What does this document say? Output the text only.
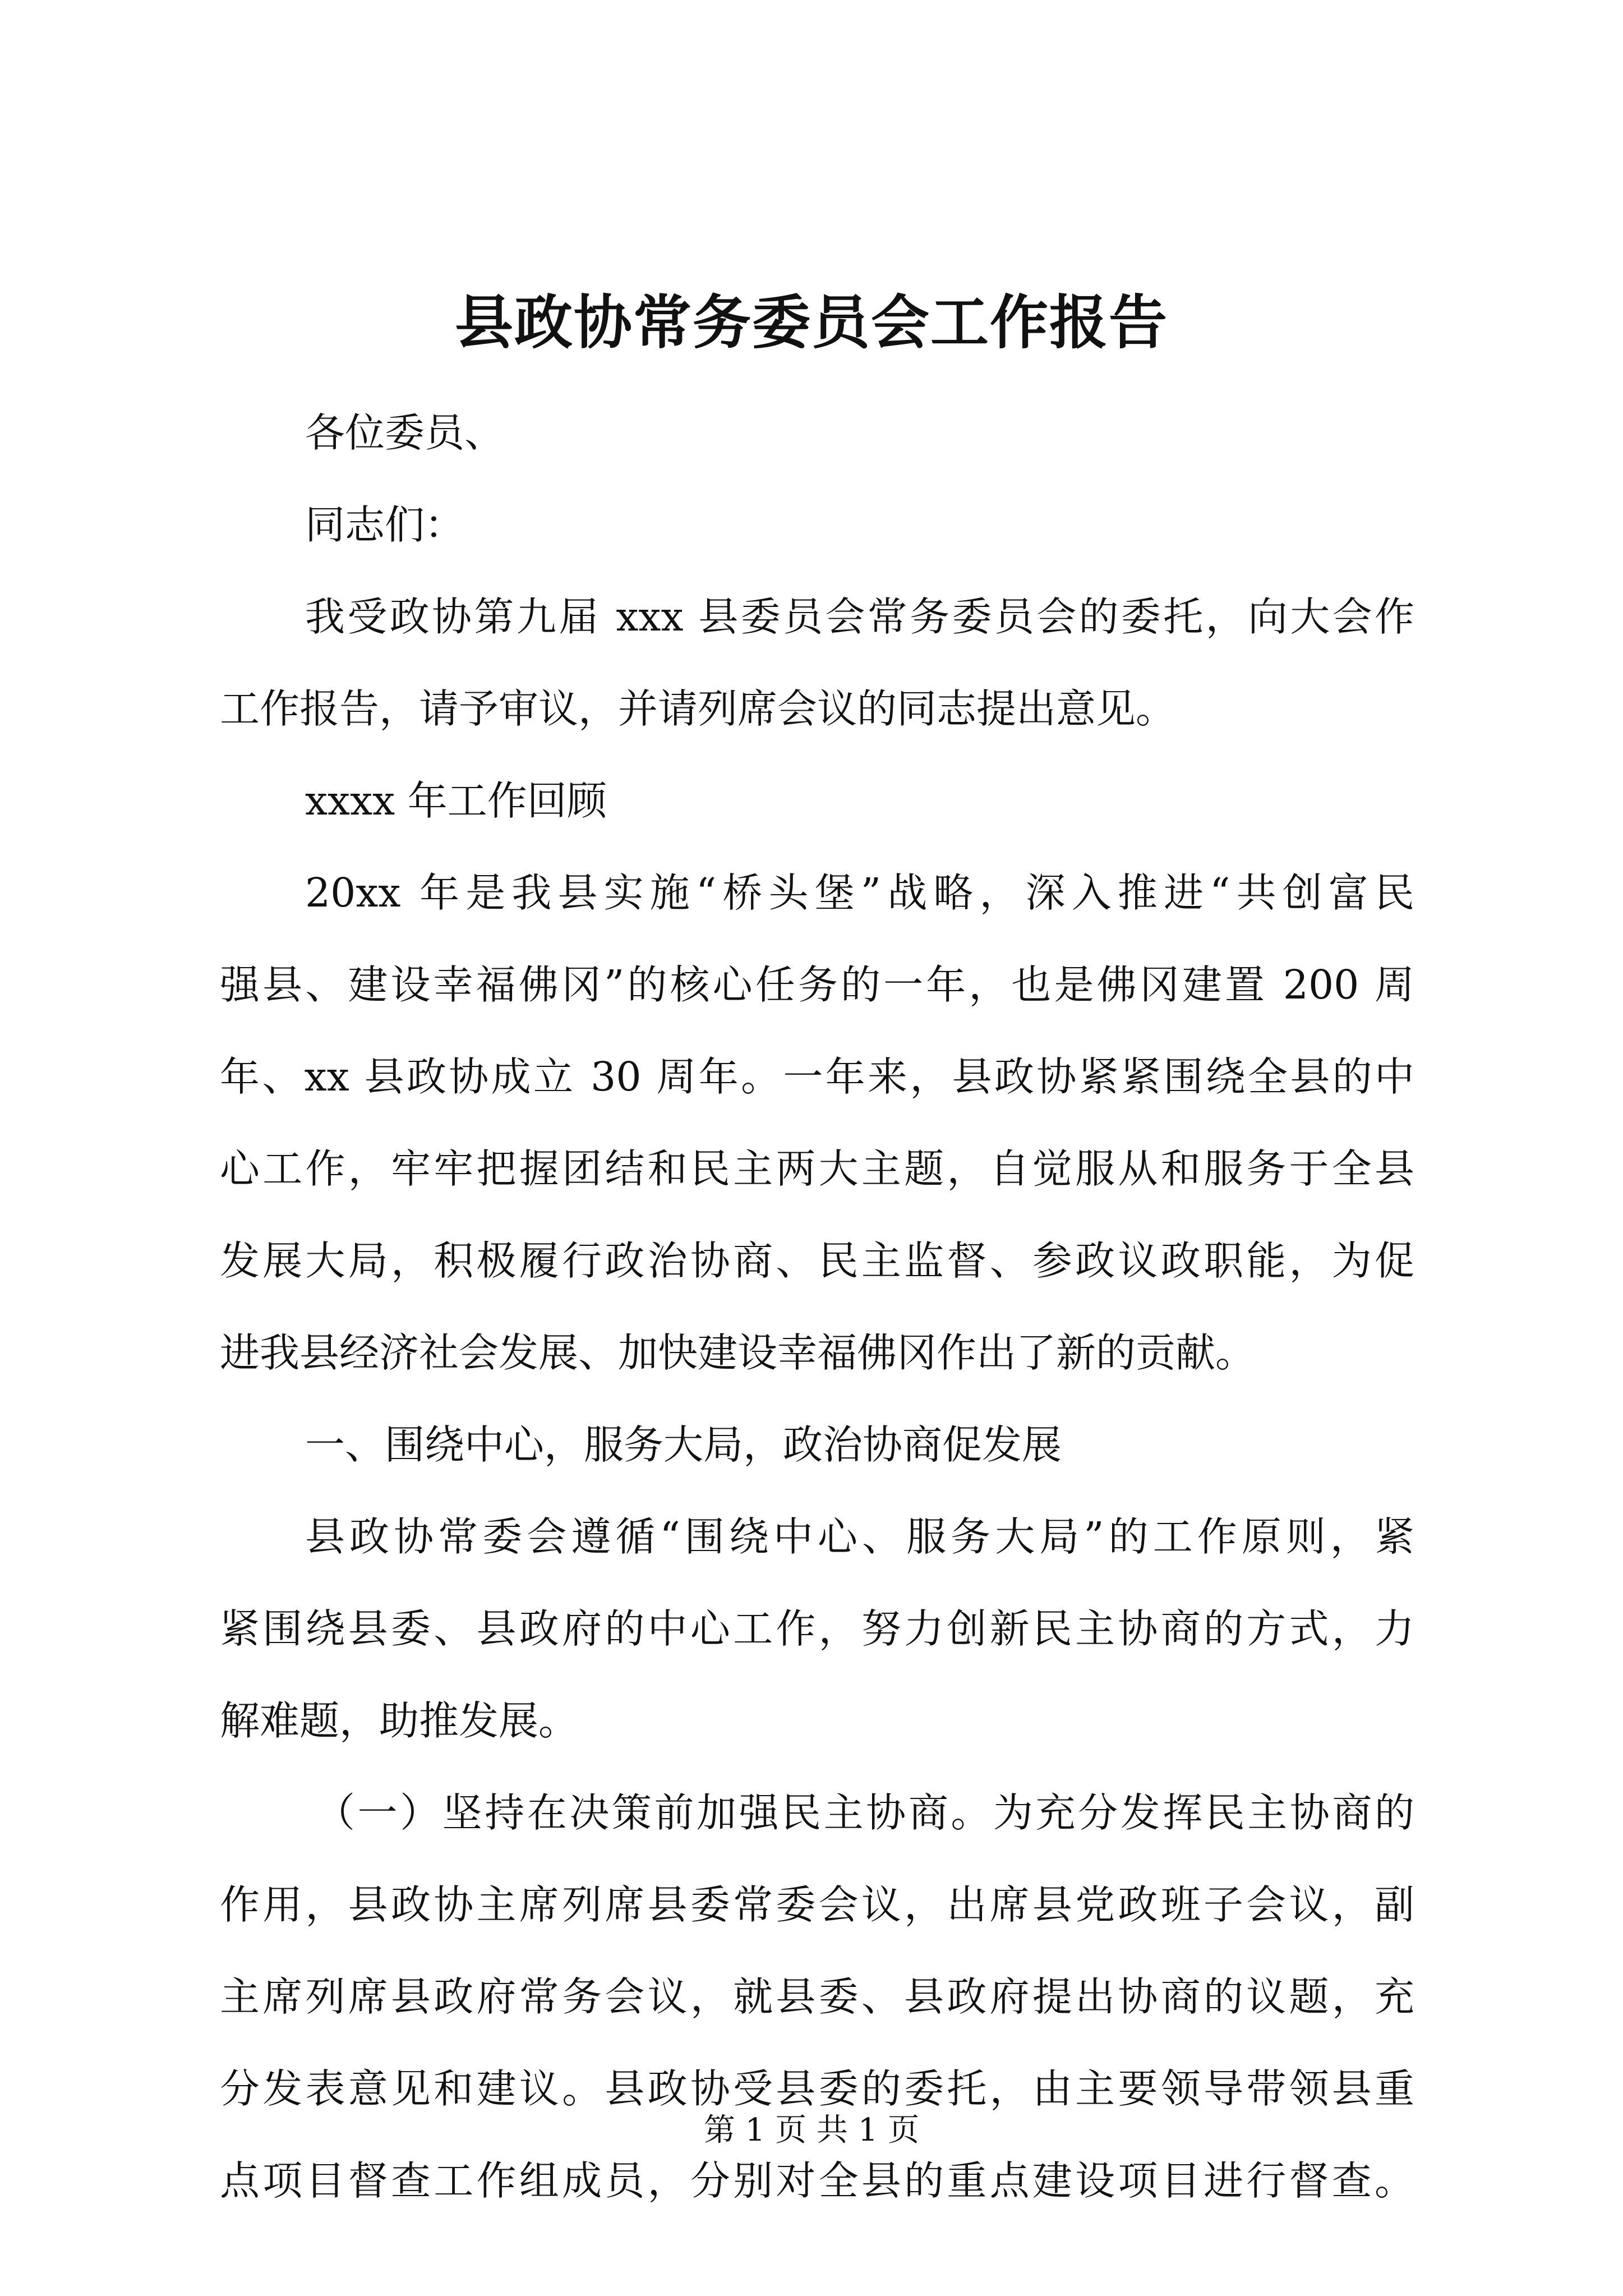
县政协常务委员会工作报告
各位委员、
同志们：
我受政协第九届 xxx 县委员会常务委员会的委托，向大会作
工作报告，请予审议，并请列席会议的同志提出意见。
xxxx 年工作回顾
20xx 年是我县实施“桥头堡”战略，深入推进“共创富民
强县、建设幸福佛冈”的核心任务的一年，也是佛冈建置 200 周
年、xx 县政协成立 30 周年。一年来，县政协紧紧围绕全县的中
心工作，牢牢把握团结和民主两大主题，自觉服从和服务于全县
发展大局，积极履行政治协商、民主监督、参政议政职能，为促
进我县经济社会发展、加快建设幸福佛冈作出了新的贡献。
一、围绕中心，服务大局，政治协商促发展
县政协常委会遵循“围绕中心、服务大局”的工作原则，紧
紧围绕县委、县政府的中心工作，努力创新民主协商的方式，力
解难题，助推发展。
（一）坚持在决策前加强民主协商。为充分发挥民主协商的
作用，县政协主席列席县委常委会议，出席县党政班子会议，副
主席列席县政府常务会议，就县委、县政府提出协商的议题，充
分发表意见和建议。县政协受县委的委托，由主要领导带领县重
点项目督查工作组成员，分别对全县的重点建设项目进行督查。
第 1 页 共 1 页
